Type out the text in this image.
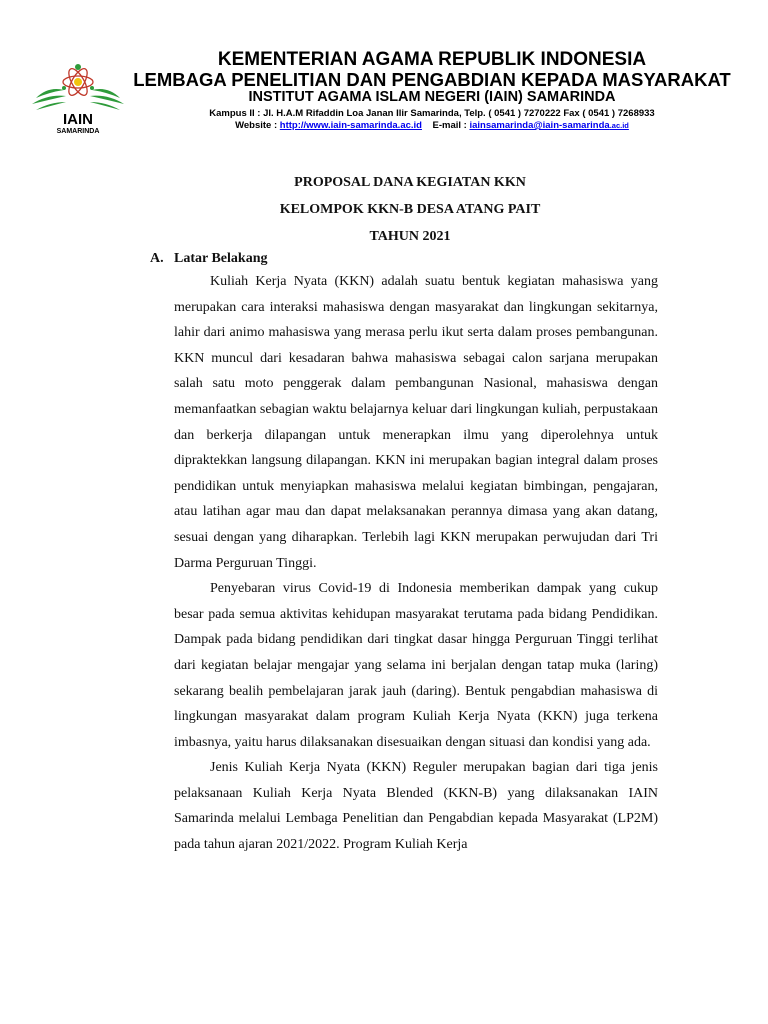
IAIN
SAMARINDA
KEMENTERIAN AGAMA REPUBLIK INDONESIA
LEMBAGA PENELITIAN DAN PENGABDIAN KEPADA MASYARAKAT
INSTITUT AGAMA ISLAM NEGERI (IAIN) SAMARINDA
Kampus II : Jl. H.A.M Rifaddin Loa Janan Ilir Samarinda, Telp. ( 0541 ) 7270222 Fax ( 0541 ) 7268933
Website : http://www.iain-samarinda.ac.id E-mail : iainsamarinda@iain-samarinda.ac.id
PROPOSAL DANA KEGIATAN KKN
KELOMPOK KKN-B DESA ATANG PAIT
TAHUN 2021
A. Latar Belakang

Kuliah Kerja Nyata (KKN) adalah suatu bentuk kegiatan mahasiswa yang merupakan cara interaksi mahasiswa dengan masyarakat dan lingkungan sekitarnya, lahir dari animo mahasiswa yang merasa perlu ikut serta dalam proses pembangunan. KKN muncul dari kesadaran bahwa mahasiswa sebagai calon sarjana merupakan salah satu moto penggerak dalam pembangunan Nasional, mahasiswa dengan memanfaatkan sebagian waktu belajarnya keluar dari lingkungan kuliah, perpustakaan dan berkerja dilapangan untuk menerapkan ilmu yang diperolehnya untuk dipraktekkan langsung dilapangan. KKN ini merupakan bagian integral dalam proses pendidikan untuk menyiapkan mahasiswa melalui kegiatan bimbingan, pengajaran, atau latihan agar mau dan dapat melaksanakan perannya dimasa yang akan datang, sesuai dengan yang diharapkan. Terlebih lagi KKN merupakan perwujudan dari Tri Darma Perguruan Tinggi.

Penyebaran virus Covid-19 di Indonesia memberikan dampak yang cukup besar pada semua aktivitas kehidupan masyarakat terutama pada bidang Pendidikan. Dampak pada bidang pendidikan dari tingkat dasar hingga Perguruan Tinggi terlihat dari kegiatan belajar mengajar yang selama ini berjalan dengan tatap muka (laring) sekarang bealih pembelajaran jarak jauh (daring). Bentuk pengabdian mahasiswa di lingkungan masyarakat dalam program Kuliah Kerja Nyata (KKN) juga terkena imbasnya, yaitu harus dilaksanakan disesuaikan dengan situasi dan kondisi yang ada.

Jenis Kuliah Kerja Nyata (KKN) Reguler merupakan bagian dari tiga jenis pelaksanaan Kuliah Kerja Nyata Blended (KKN-B) yang dilaksanakan IAIN Samarinda melalui Lembaga Penelitian dan Pengabdian kepada Masyarakat (LP2M) pada tahun ajaran 2021/2022. Program Kuliah Kerja
